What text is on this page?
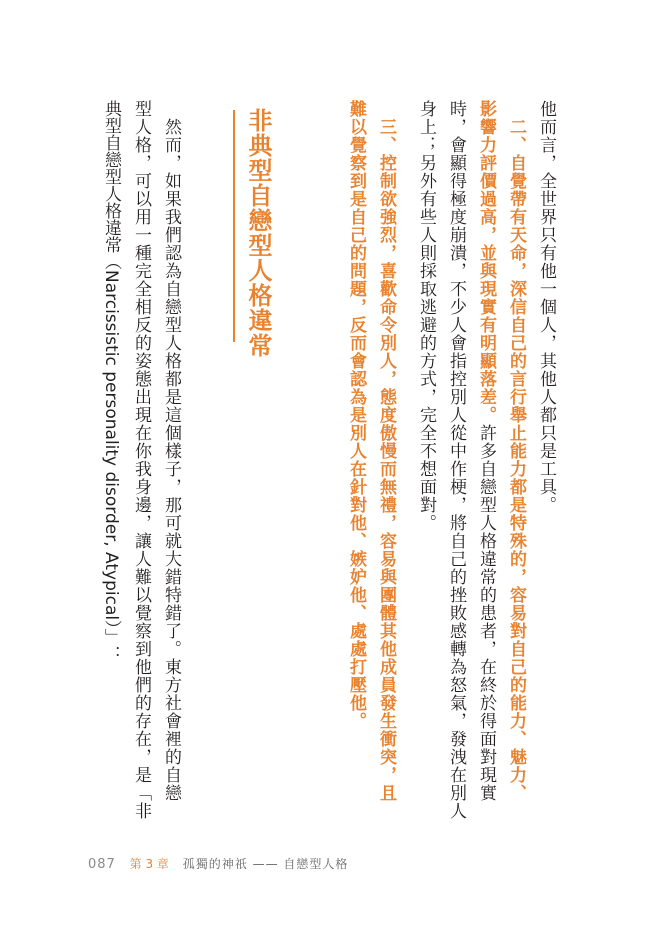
他而言，全世界只有他一個人，其他人都只是工具。
　二、自覺帶有天命，深信自己的言行舉止能力都是特殊的，容易對自己的能力、魅力、
影響力評價過高，並與現實有明顯落差。許多自戀型人格違常的患者，在終於得面對現實
時，會顯得極度崩潰，不少人會指控別人從中作梗，將自己的挫敗感轉為怒氣，發洩在別人
身上；另外有些人則採取逃避的方式，完全不想面對。
　三、控制欲強烈，喜歡命令別人，態度傲慢而無禮，容易與團體其他成員發生衝突，且
難以覺察到是自己的問題，反而會認為是別人在針對他、嫉妒他、處處打壓他。
非典型自戀型人格違常
　然而，如果我們認為自戀型人格都是這個樣子，那可就大錯特錯了。東方社會裡的自戀
型人格，可以用一種完全相反的姿態出現在你我身邊，讓人難以覺察到他們的存在，是「非
典型自戀型人格違常（Narcissistic personality disorder, Atypical）」：
087 第 3 章 孤獨的神祇 —— 自戀型人格
